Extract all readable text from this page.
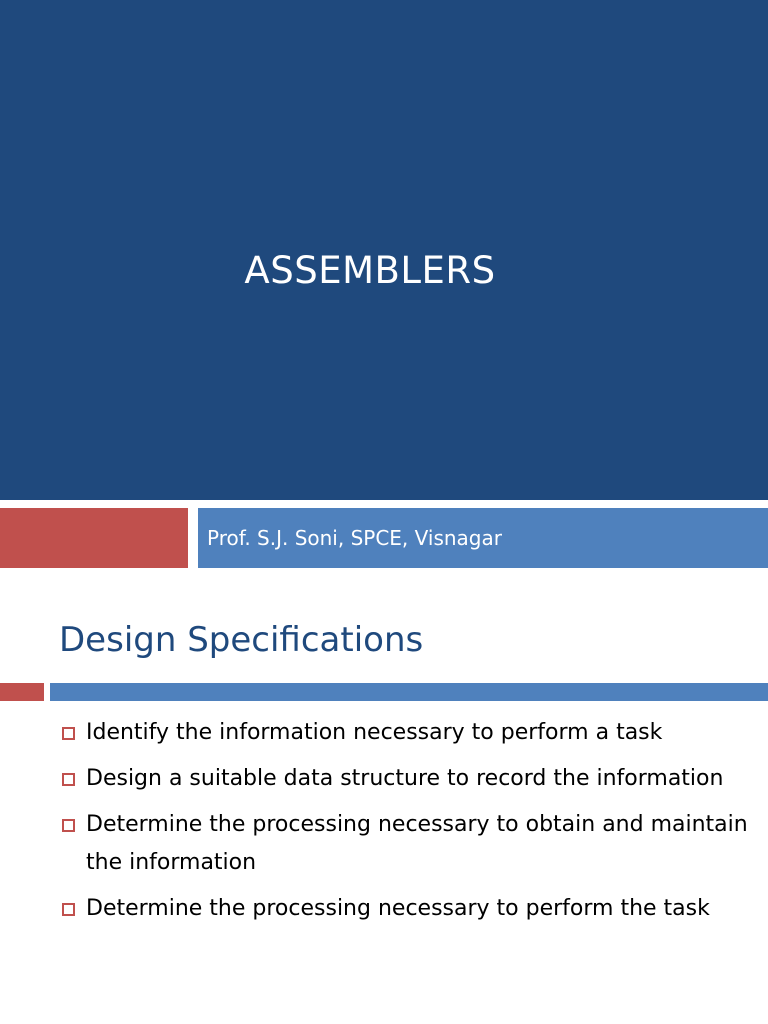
ASSEMBLERS
Prof. S.J. Soni, SPCE, Visnagar
Design Specifications
Identify the information necessary to perform a task
Design a suitable data structure to record the information
Determine the processing necessary to obtain and maintain the information
Determine the processing necessary to perform the task
